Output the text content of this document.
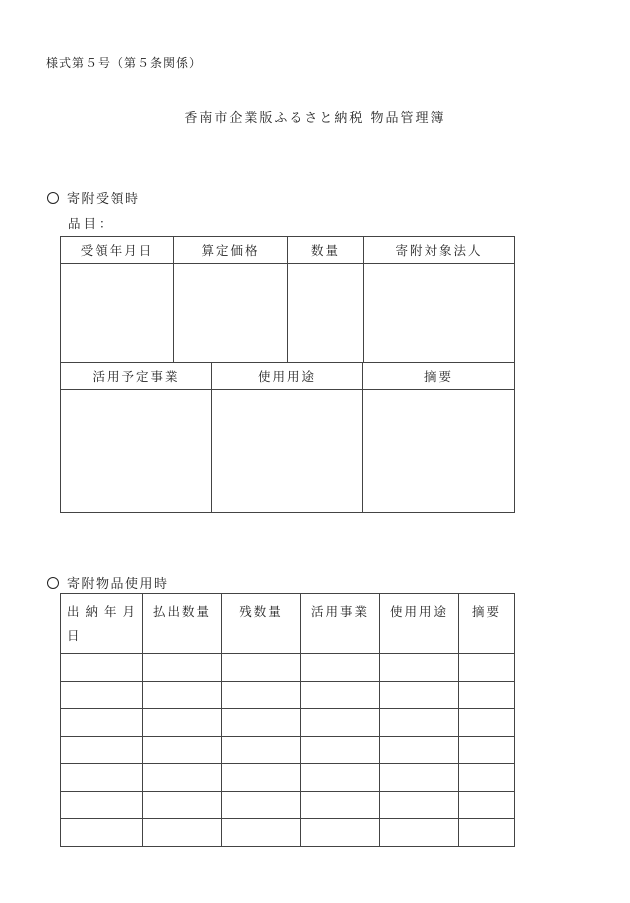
様式第５号（第５条関係）
香南市企業版ふるさと納税 物品管理簿
寄附受領時
品目：
受領年月日	算定価格	数量	寄附対象法人

活用予定事業	使用用途	摘要

寄附物品使用時
出納年月日	払出数量	残数量	活用事業	使用用途	摘要
